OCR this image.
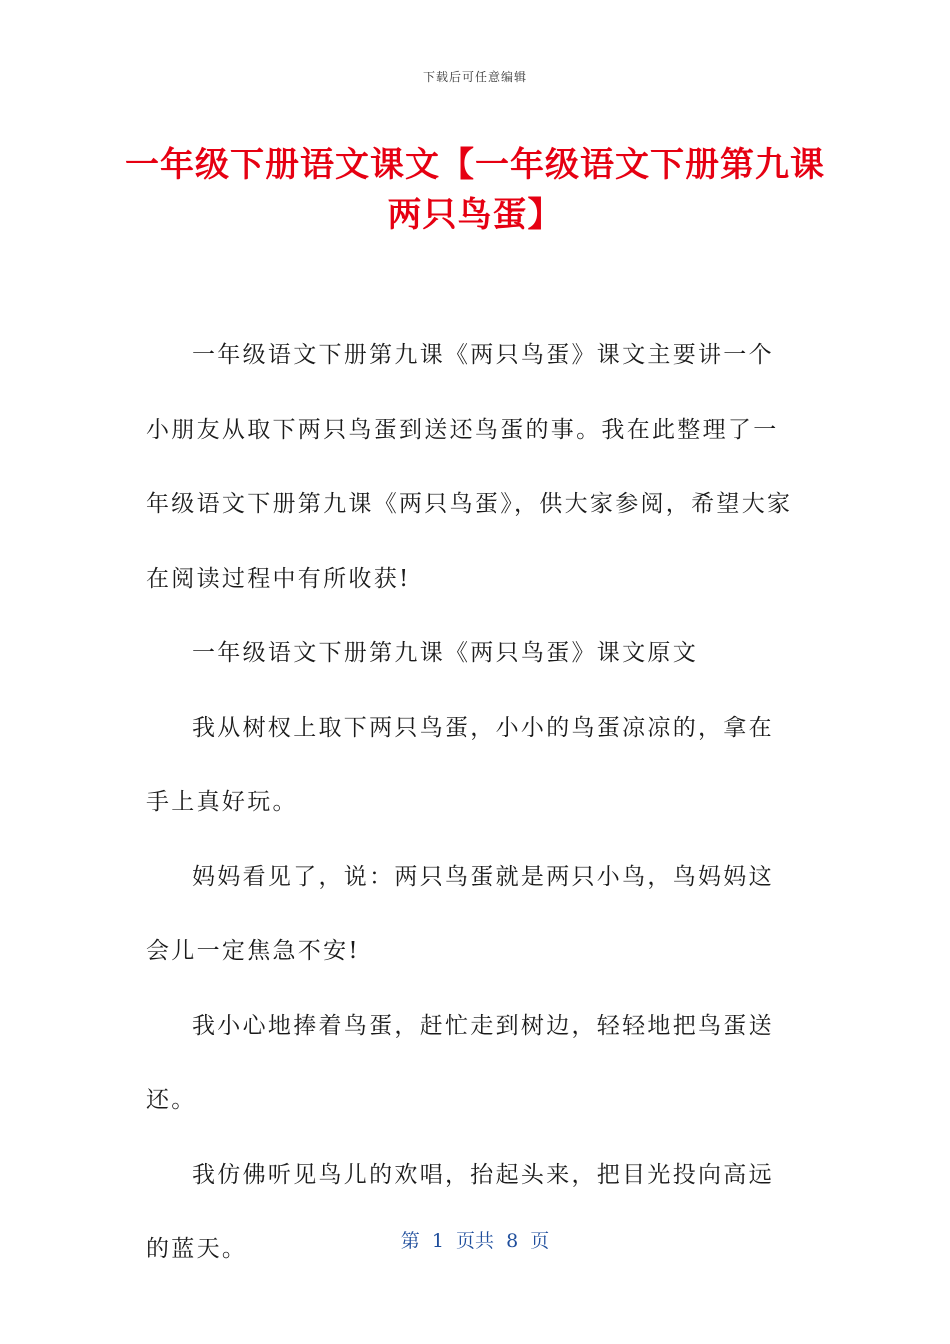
下载后可任意编辑
一年级下册语文课文【一年级语文下册第九课两只鸟蛋】

一年级语文下册第九课《两只鸟蛋》课文主要讲一个小朋友从取下两只鸟蛋到送还鸟蛋的事。我在此整理了一年级语文下册第九课《两只鸟蛋》，供大家参阅，希望大家在阅读过程中有所收获!

一年级语文下册第九课《两只鸟蛋》课文原文

我从树杈上取下两只鸟蛋，小小的鸟蛋凉凉的，拿在手上真好玩。

妈妈看见了，说：两只鸟蛋就是两只小鸟，鸟妈妈这会儿一定焦急不安!

我小心地捧着鸟蛋，赶忙走到树边，轻轻地把鸟蛋送还。

我仿佛听见鸟儿的欢唱，抬起头来，把目光投向高远的蓝天。	第  1  页共  8  页
